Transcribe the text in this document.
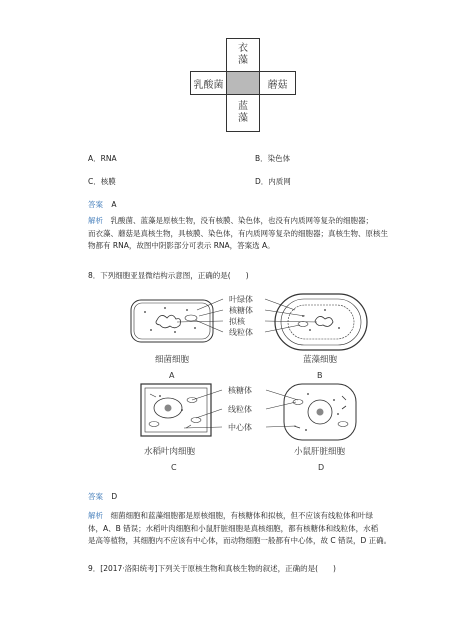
衣
藻
乳酸菌	蘑菇
蓝
藻
A．RNA	B．染色体
C．核膜	D．内质网
答案 A
解析　 乳酸菌、蓝藻是原核生物，没有核膜、染色体，也没有内质网等复杂的细胞器；
而衣藻、蘑菇是真核生物，具核膜、染色体，有内质网等复杂的细胞器；真核生物、原核生
物都有 RNA，故图中阴影部分可表示 RNA，答案选 A。
8．下列细胞亚显微结构示意图，正确的是(　　)
叶绿体
核糖体
拟核
线粒体
细菌细胞
A
蓝藻细胞
B
核糖体
线粒体
中心体
水稻叶肉细胞
C
小鼠肝脏细胞
D
答案 D
解析　 细菌细胞和蓝藻细胞都是原核细胞，有核糖体和拟核，但不应该有线粒体和叶绿
体，A、B 错误；水稻叶肉细胞和小鼠肝脏细胞是真核细胞，都有核糖体和线粒体，水稻
是高等植物，其细胞内不应该有中心体，而动物细胞一般都有中心体，故 C 错误，D 正确。
9．[2017·洛阳统考]下列关于原核生物和真核生物的叙述，正确的是(　　)
